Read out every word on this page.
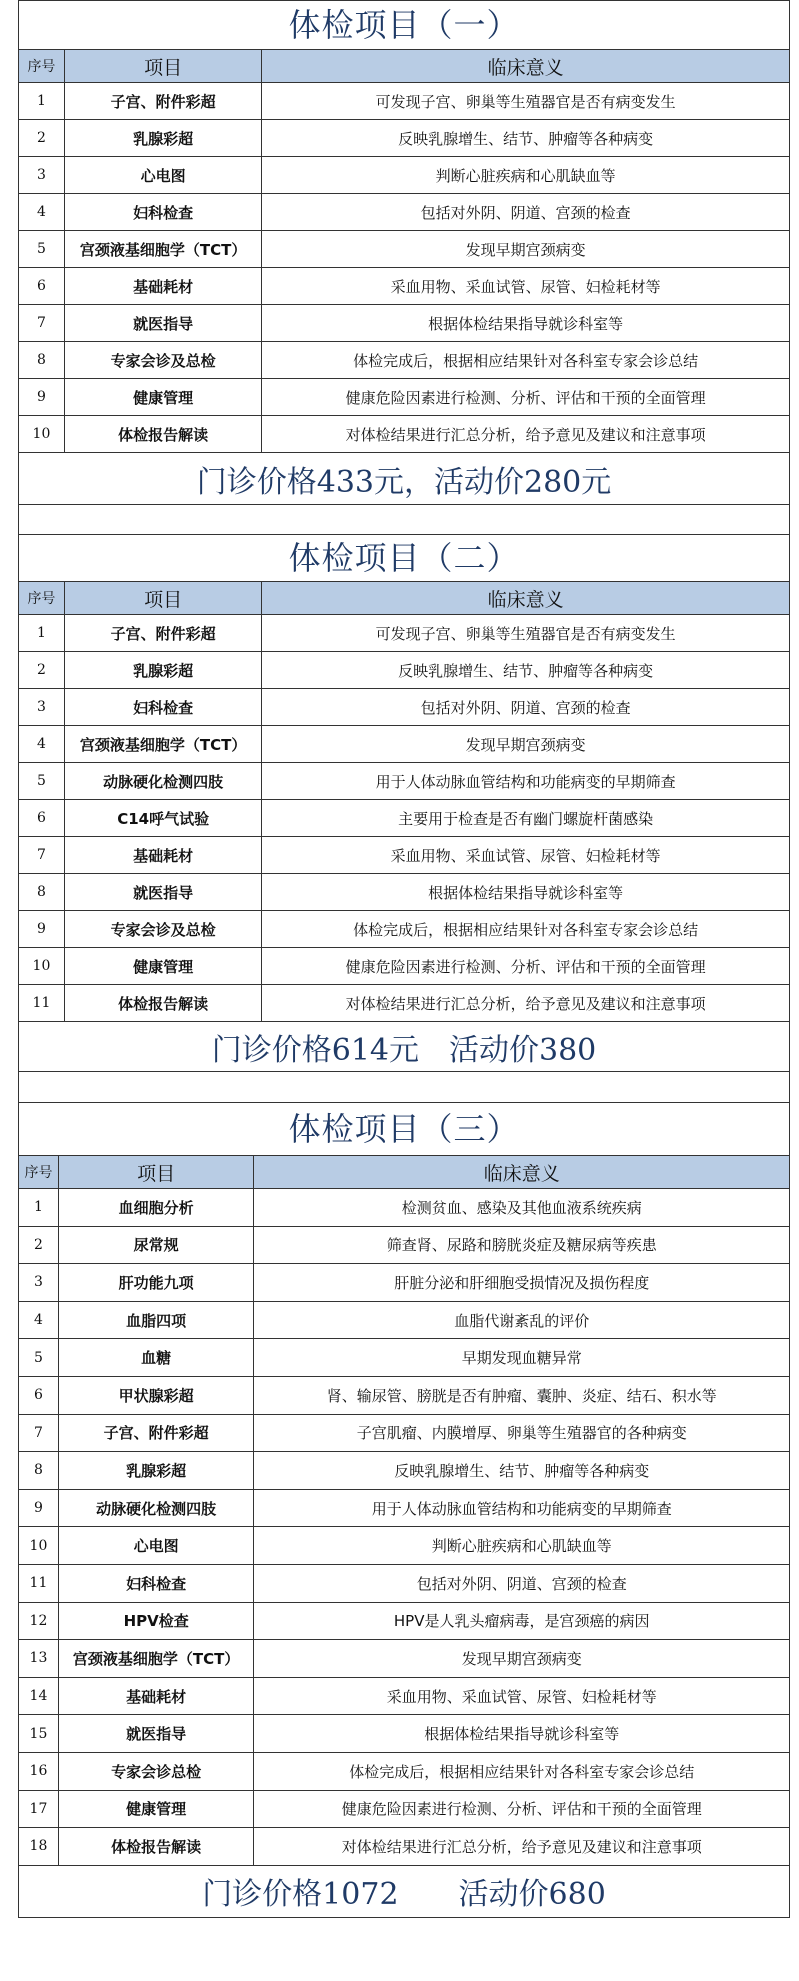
体检项目（一）
序号	项目	临床意义
1	子宫、附件彩超	可发现子宫、卵巢等生殖器官是否有病变发生
2	乳腺彩超	反映乳腺增生、结节、肿瘤等各种病变
3	心电图	判断心脏疾病和心肌缺血等
4	妇科检查	包括对外阴、阴道、宫颈的检查
5	宫颈液基细胞学（TCT）	发现早期宫颈病变
6	基础耗材	采血用物、采血试管、尿管、妇检耗材等
7	就医指导	根据体检结果指导就诊科室等
8	专家会诊及总检	体检完成后，根据相应结果针对各科室专家会诊总结
9	健康管理	健康危险因素进行检测、分析、评估和干预的全面管理
10	体检报告解读	对体检结果进行汇总分析，给予意见及建议和注意事项
门诊价格433元，活动价280元
体检项目（二）
序号	项目	临床意义
1	子宫、附件彩超	可发现子宫、卵巢等生殖器官是否有病变发生
2	乳腺彩超	反映乳腺增生、结节、肿瘤等各种病变
3	妇科检查	包括对外阴、阴道、宫颈的检查
4	宫颈液基细胞学（TCT）	发现早期宫颈病变
5	动脉硬化检测四肢	用于人体动脉血管结构和功能病变的早期筛查
6	C14呼气试验	主要用于检查是否有幽门螺旋杆菌感染
7	基础耗材	采血用物、采血试管、尿管、妇检耗材等
8	就医指导	根据体检结果指导就诊科室等
9	专家会诊及总检	体检完成后，根据相应结果针对各科室专家会诊总结
10	健康管理	健康危险因素进行检测、分析、评估和干预的全面管理
11	体检报告解读	对体检结果进行汇总分析，给予意见及建议和注意事项
门诊价格614元　活动价380
体检项目（三）
序号	项目	临床意义
1	血细胞分析	检测贫血、感染及其他血液系统疾病
2	尿常规	筛查肾、尿路和膀胱炎症及糖尿病等疾患
3	肝功能九项	肝脏分泌和肝细胞受损情况及损伤程度
4	血脂四项	血脂代谢紊乱的评价
5	血糖	早期发现血糖异常
6	甲状腺彩超	肾、输尿管、膀胱是否有肿瘤、囊肿、炎症、结石、积水等
7	子宫、附件彩超	子宫肌瘤、内膜增厚、卵巢等生殖器官的各种病变
8	乳腺彩超	反映乳腺增生、结节、肿瘤等各种病变
9	动脉硬化检测四肢	用于人体动脉血管结构和功能病变的早期筛查
10	心电图	判断心脏疾病和心肌缺血等
11	妇科检查	包括对外阴、阴道、宫颈的检查
12	HPV检查	HPV是人乳头瘤病毒，是宫颈癌的病因
13	宫颈液基细胞学（TCT）	发现早期宫颈病变
14	基础耗材	采血用物、采血试管、尿管、妇检耗材等
15	就医指导	根据体检结果指导就诊科室等
16	专家会诊总检	体检完成后，根据相应结果针对各科室专家会诊总结
17	健康管理	健康危险因素进行检测、分析、评估和干预的全面管理
18	体检报告解读	对体检结果进行汇总分析，给予意见及建议和注意事项
门诊价格1072　　活动价680
